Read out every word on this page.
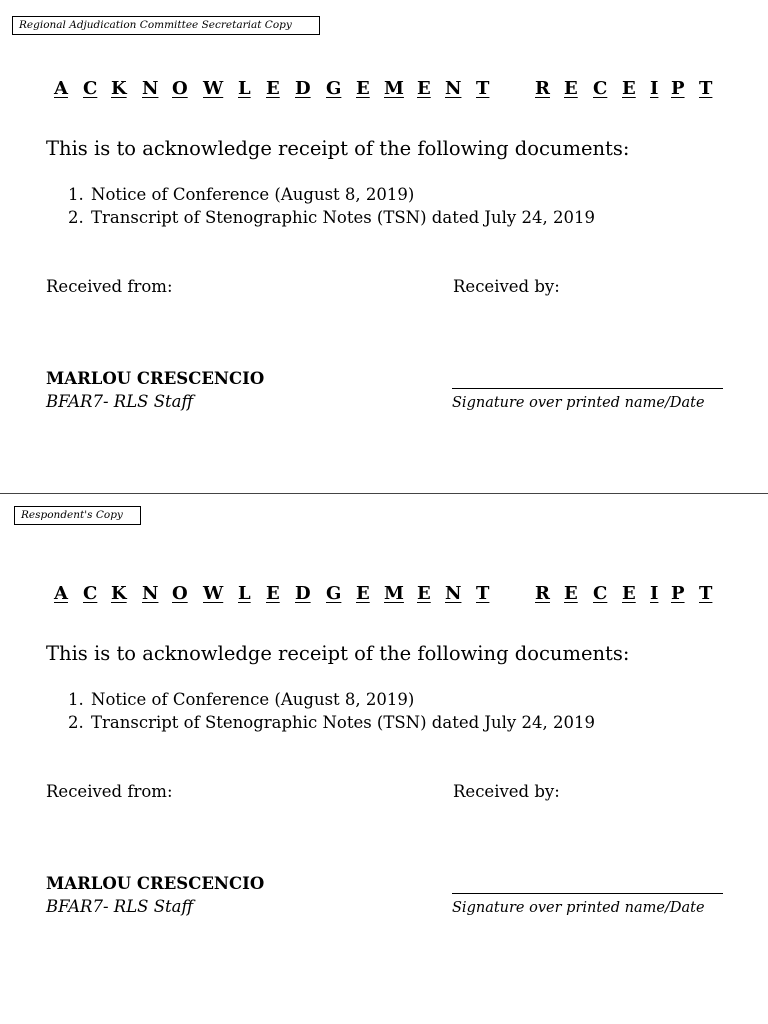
Regional Adjudication Committee Secretariat Copy
A C K N O W L E D G E M E N T	R E C E I P T
This is to acknowledge receipt of the following documents:
1. Notice of Conference (August 8, 2019)
2. Transcript of Stenographic Notes (TSN) dated July 24, 2019
Received from:	Received by:
MARLOU CRESCENCIO
BFAR7- RLS Staff	Signature over printed name/Date
Respondent's Copy
A C K N O W L E D G E M E N T	R E C E I P T
This is to acknowledge receipt of the following documents:
1. Notice of Conference (August 8, 2019)
2. Transcript of Stenographic Notes (TSN) dated July 24, 2019
Received from:	Received by:
MARLOU CRESCENCIO
BFAR7- RLS Staff	Signature over printed name/Date
